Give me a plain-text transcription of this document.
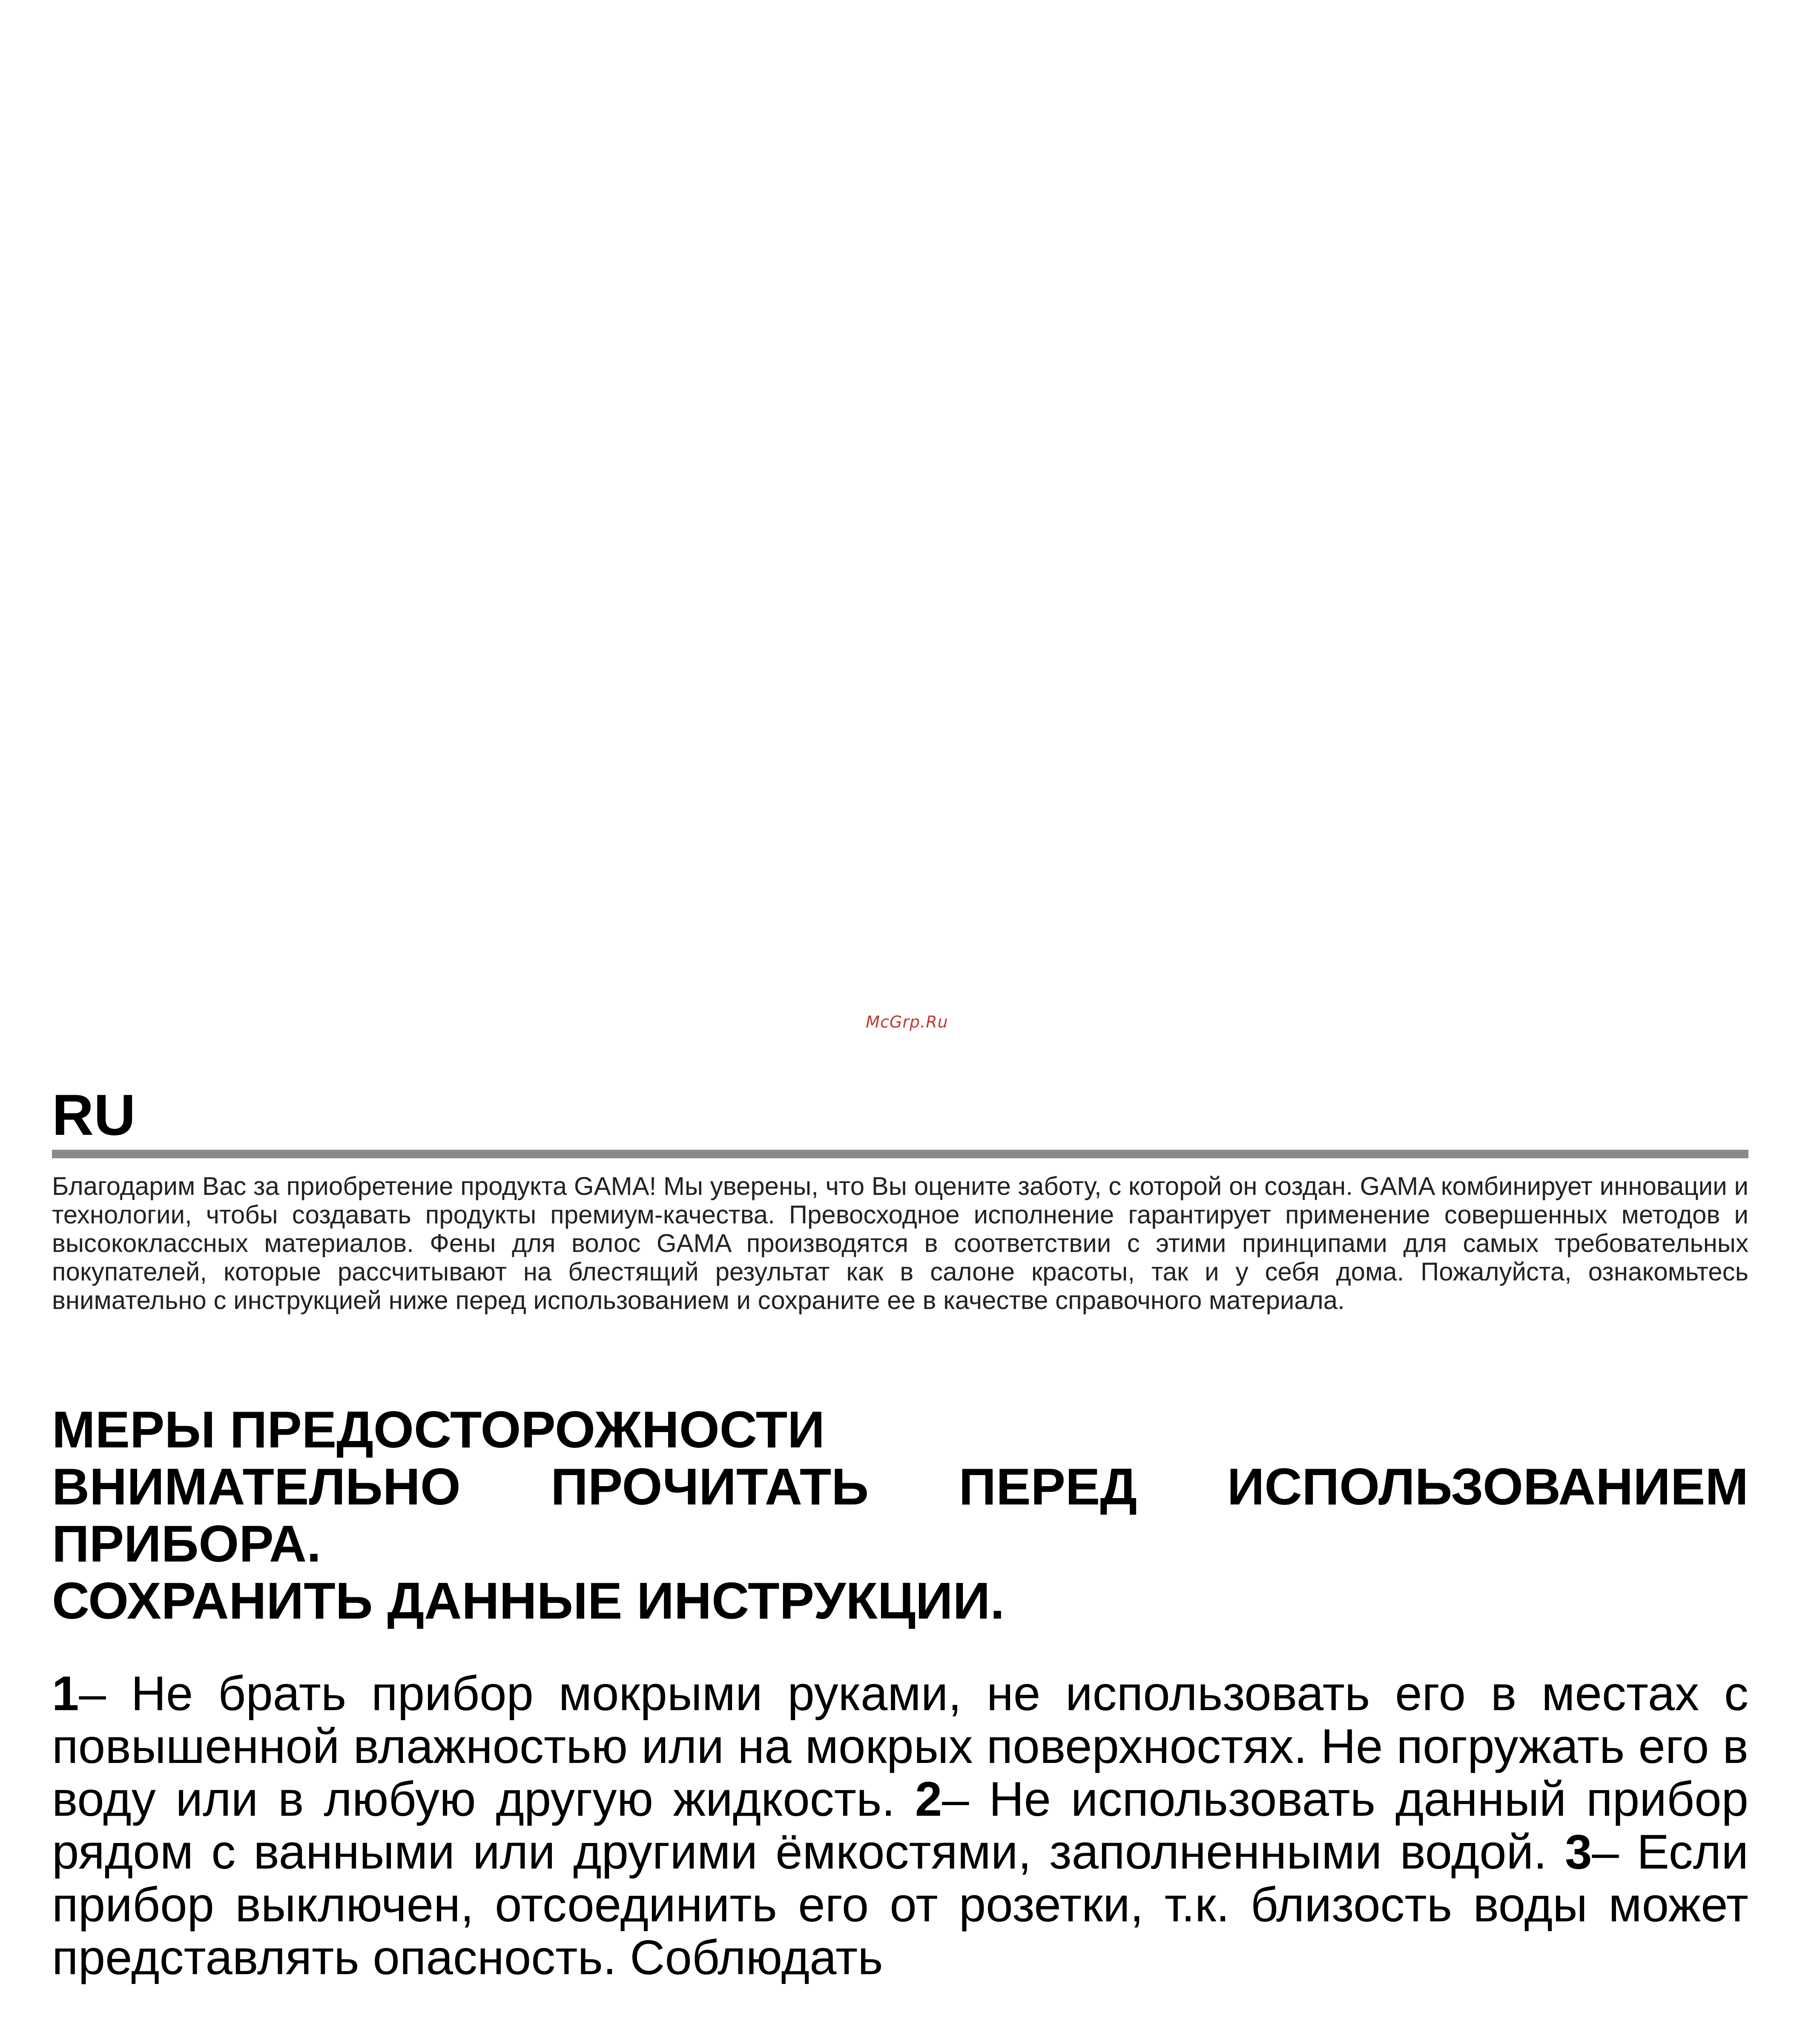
McGrp.Ru
RU

Благодарим Вас за приобретение продукта GAMA! Мы уверены, что Вы оцените заботу, с которой он создан. GAMA комбинирует инновации и технологии, чтобы создавать продукты премиум-качества. Превосходное исполнение гарантирует применение совершенных методов и высококлассных материалов. Фены для волос GAMA производятся в соответствии с этими принципами для самых требовательных покупателей, которые рассчитывают на блестящий результат как в салоне красоты, так и у себя дома. Пожалуйста, ознакомьтесь внимательно с инструкцией ниже перед использованием и сохраните ее в качестве справочного материала.

МЕРЫ ПРЕДОСТОРОЖНОСТИ
ВНИМАТЕЛЬНО ПРОЧИТАТЬ ПЕРЕД ИСПОЛЬЗОВАНИЕМ
ПРИБОРА.
СОХРАНИТЬ ДАННЫЕ ИНСТРУКЦИИ.

1– Не брать прибор мокрыми руками, не использовать его в местах с повышенной влажностью или на мокрых поверхностях. Не погружать его в воду или в любую другую жидкость. 2– Не использовать данный прибор рядом с ванными или другими ёмкостями, заполненными водой. 3– Если прибор выключен, отсоединить его от розетки, т.к. близость воды может представлять опасность. Соблюдать
